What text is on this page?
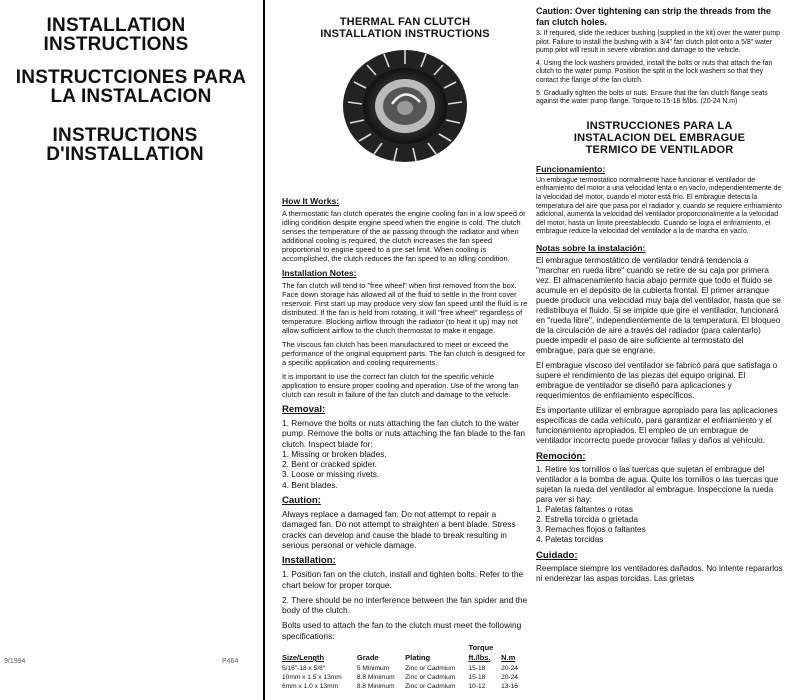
INSTALLATION
INSTRUCTIONS
INSTRUCTCIONES PARA
LA INSTALACION
INSTRUCTIONS
D'INSTALLATION
9/1994	P464
THERMAL FAN CLUTCH
INSTALLATION INSTRUCTIONS
How It Works:
A thermostatic fan clutch operates the engine cooling fan in a low speed or idling condition despite engine speed when the engine is cold. The clutch senses the temperature of the air passing through the radiator and when additional cooling is required, the clutch increases the fan speed proportional to engine speed to a pre set limit. When cooling is accomplished, the clutch reduces the fan speed to an idling condition.
Installation Notes:
The fan clutch will tend to "free wheel" when first removed from the box. Face down storage has allowed all of the fluid to settle in the front cover reservoir. First start up may produce very slow fan speed until the fluid is re distributed. If the fan is held from rotating, it will "free wheel" regardless of temperature. Blocking airflow through the radiator (to heat it up) may not allow sufficient airflow to the clutch thermostat to make it engage.
The viscous fan clutch has been manufactured to meet or exceed the performance of the original equipment parts. The fan clutch is designed for a specific application and cooling requirements.
It is important to use the correct fan clutch for the specific vehicle application to ensure proper cooling and operation. Use of the wrong fan clutch can result in failure of the fan clutch and damage to the vehicle.
Removal:
1. Remove the bolts or nuts attaching the fan clutch to the water pump. Remove the bolts or nuts attaching the fan blade to the fan clutch. Inspect blade for:
1. Missing or broken blades.
2. Bent or cracked spider.
3. Loose or missing rivets.
4. Bent blades.
Caution:
Always replace a damaged fan. Do not attempt to repair a damaged fan. Do not attempt to straighten a bent blade. Stress cracks can develop and cause the blade to break resulting in serious personal or vehicle damage.
Installation:
1. Position fan on the clutch, install and tighten bolts. Refer to the chart below for proper torque.
2. There should be no interference between the fan spider and the body of the clutch.
Bolts used to attach the fan to the clutch must meet the following specifications:
			Torque	
Size/Length	Grade	Plating	ft./lbs.	N.m
5/16"-18 x 5/8"	5 Minimum	Zinc or Cadmium	15-18	20-24
10mm x 1.5 x 13mm	8.8 Minimum	Zinc or Cadmium	15-18	20-24
6mm x 1.0 x 13mm	8.8 Minimum	Zinc or Cadmium	10-12	13-16
Caution: Over tightening can strip the threads from the fan clutch holes.
3. If required, slide the reducer bushing (supplied in the kit) over the water pump pilot. Failure to install the bushing with a 3/4" fan clutch pilot onto a 5/8" water pump pilot will result in severe vibration and damage to the vehicle.
4. Using the lock washers provided, install the bolts or nuts that attach the fan clutch to the water pump. Position the split in the lock washers so that they contact the flange of the fan clutch.
5. Gradually tighten the bolts or nuts. Ensure that the fan clutch flange seats against the water pump flange. Torque to 15-18 ft/lbs. (20-24 N.m)
INSTRUCCIONES PARA LA
INSTALACION DEL EMBRAGUE
TERMICO DE VENTILADOR
Funcionamiento:
Un embrague termostático normalmente hace funcionar el ventilador de enfriamiento del motor a una velocidad lenta o en vacío, independientemente de la velocidad del motor, cuando el motor está frío. El embrague detecta la temperatura del aire que pasa por el radiador y, cuando se requiere enfriamiento adicional, aumenta la velocidad del ventilador proporcionalmente a la velocidad del motor, hasta un límite preestablecido. Cuando se logra el enfriamiento, el embrague reduce la velocidad del ventilador a la de marcha en vacío.
Notas sobre la instalación:
El embrague termostático de ventilador tendrá tendencia a "marchar en rueda libre" cuando se retire de su caja por primera vez. El almacenamiento hacia abajo permite que todo el fluido se acumule en el depósito de la cubierta frontal. El primer arranque puede producir una velocidad muy baja del ventilador, hasta que se redistribuya el fluido. Si se impide que gire el ventilador, funcionará en "rueda libre", independientemente de la temperatura. El bloqueo de la circulación de aire a través del radiador (para calentarlo) puede impedir el paso de aire suficiente al termostato del embrague, para que se engrane.
El embrague viscoso del ventilador se fabricó para que satisfaga o supere el rendimiento de las piezas del equipo original. El embrague de ventilador se diseñó para aplicaciones y requerimientos de enfriamiento específicos.
Es importante utilizar el embrague apropiado para las aplicaciones específicas de cada vehículo, para garantizar el enfriamiento y el funcionamiento apropiados. El empleo de un embrague de ventilador incorrecto puede provocar fallas y daños al vehículo.
Remoción:
1. Retire los tornillos o las tuercas que sujetan el embrague del ventilador a la bomba de agua. Quite los tornillos o las tuercas que sujetan la rueda del ventilador al embrague. Inspeccione la rueda para ver si hay:
1. Paletas faltantes o rotas
2. Estrella torcida o grietada
3. Remaches flojos o faltantes
4. Paletas torcidas
Cuidado:
Reemplace siempre los ventiladores dañados. No intente repararlos ni enderezar las aspas torcidas. Las grietas
